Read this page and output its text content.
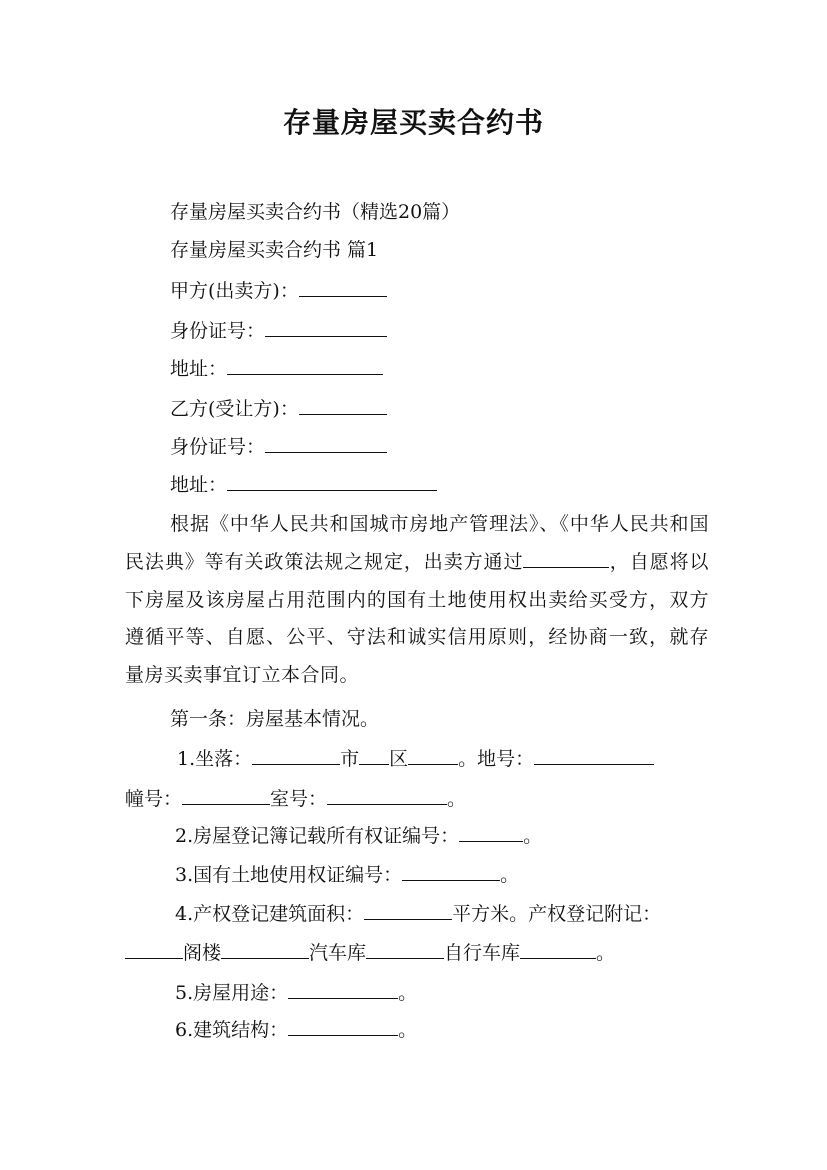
存量房屋买卖合约书
存量房屋买卖合约书（精选20篇）
存量房屋买卖合约书 篇1
甲方(出卖方)：
身份证号：
地址：
乙方(受让方)：
身份证号：
地址：
根据《中华人民共和国城市房地产管理法》、《中华人民共和国民法典》等有关政策法规之规定，出卖方通过	，自愿将以下房屋及该房屋占用范围内的国有土地使用权出卖给买受方，双方遵循平等、自愿、公平、守法和诚实信用原则，经协商一致，就存量房买卖事宜订立本合同。
第一条：房屋基本情况。
1.坐落：	市 区	。地号：
幢号：	室号：	。
2.房屋登记簿记载所有权证编号：	。
3.国有土地使用权证编号：	。
4.产权登记建筑面积：	平方米。产权登记附记：
阁楼	汽车库	自行车库	。
5.房屋用途：	。
6.建筑结构：	。
